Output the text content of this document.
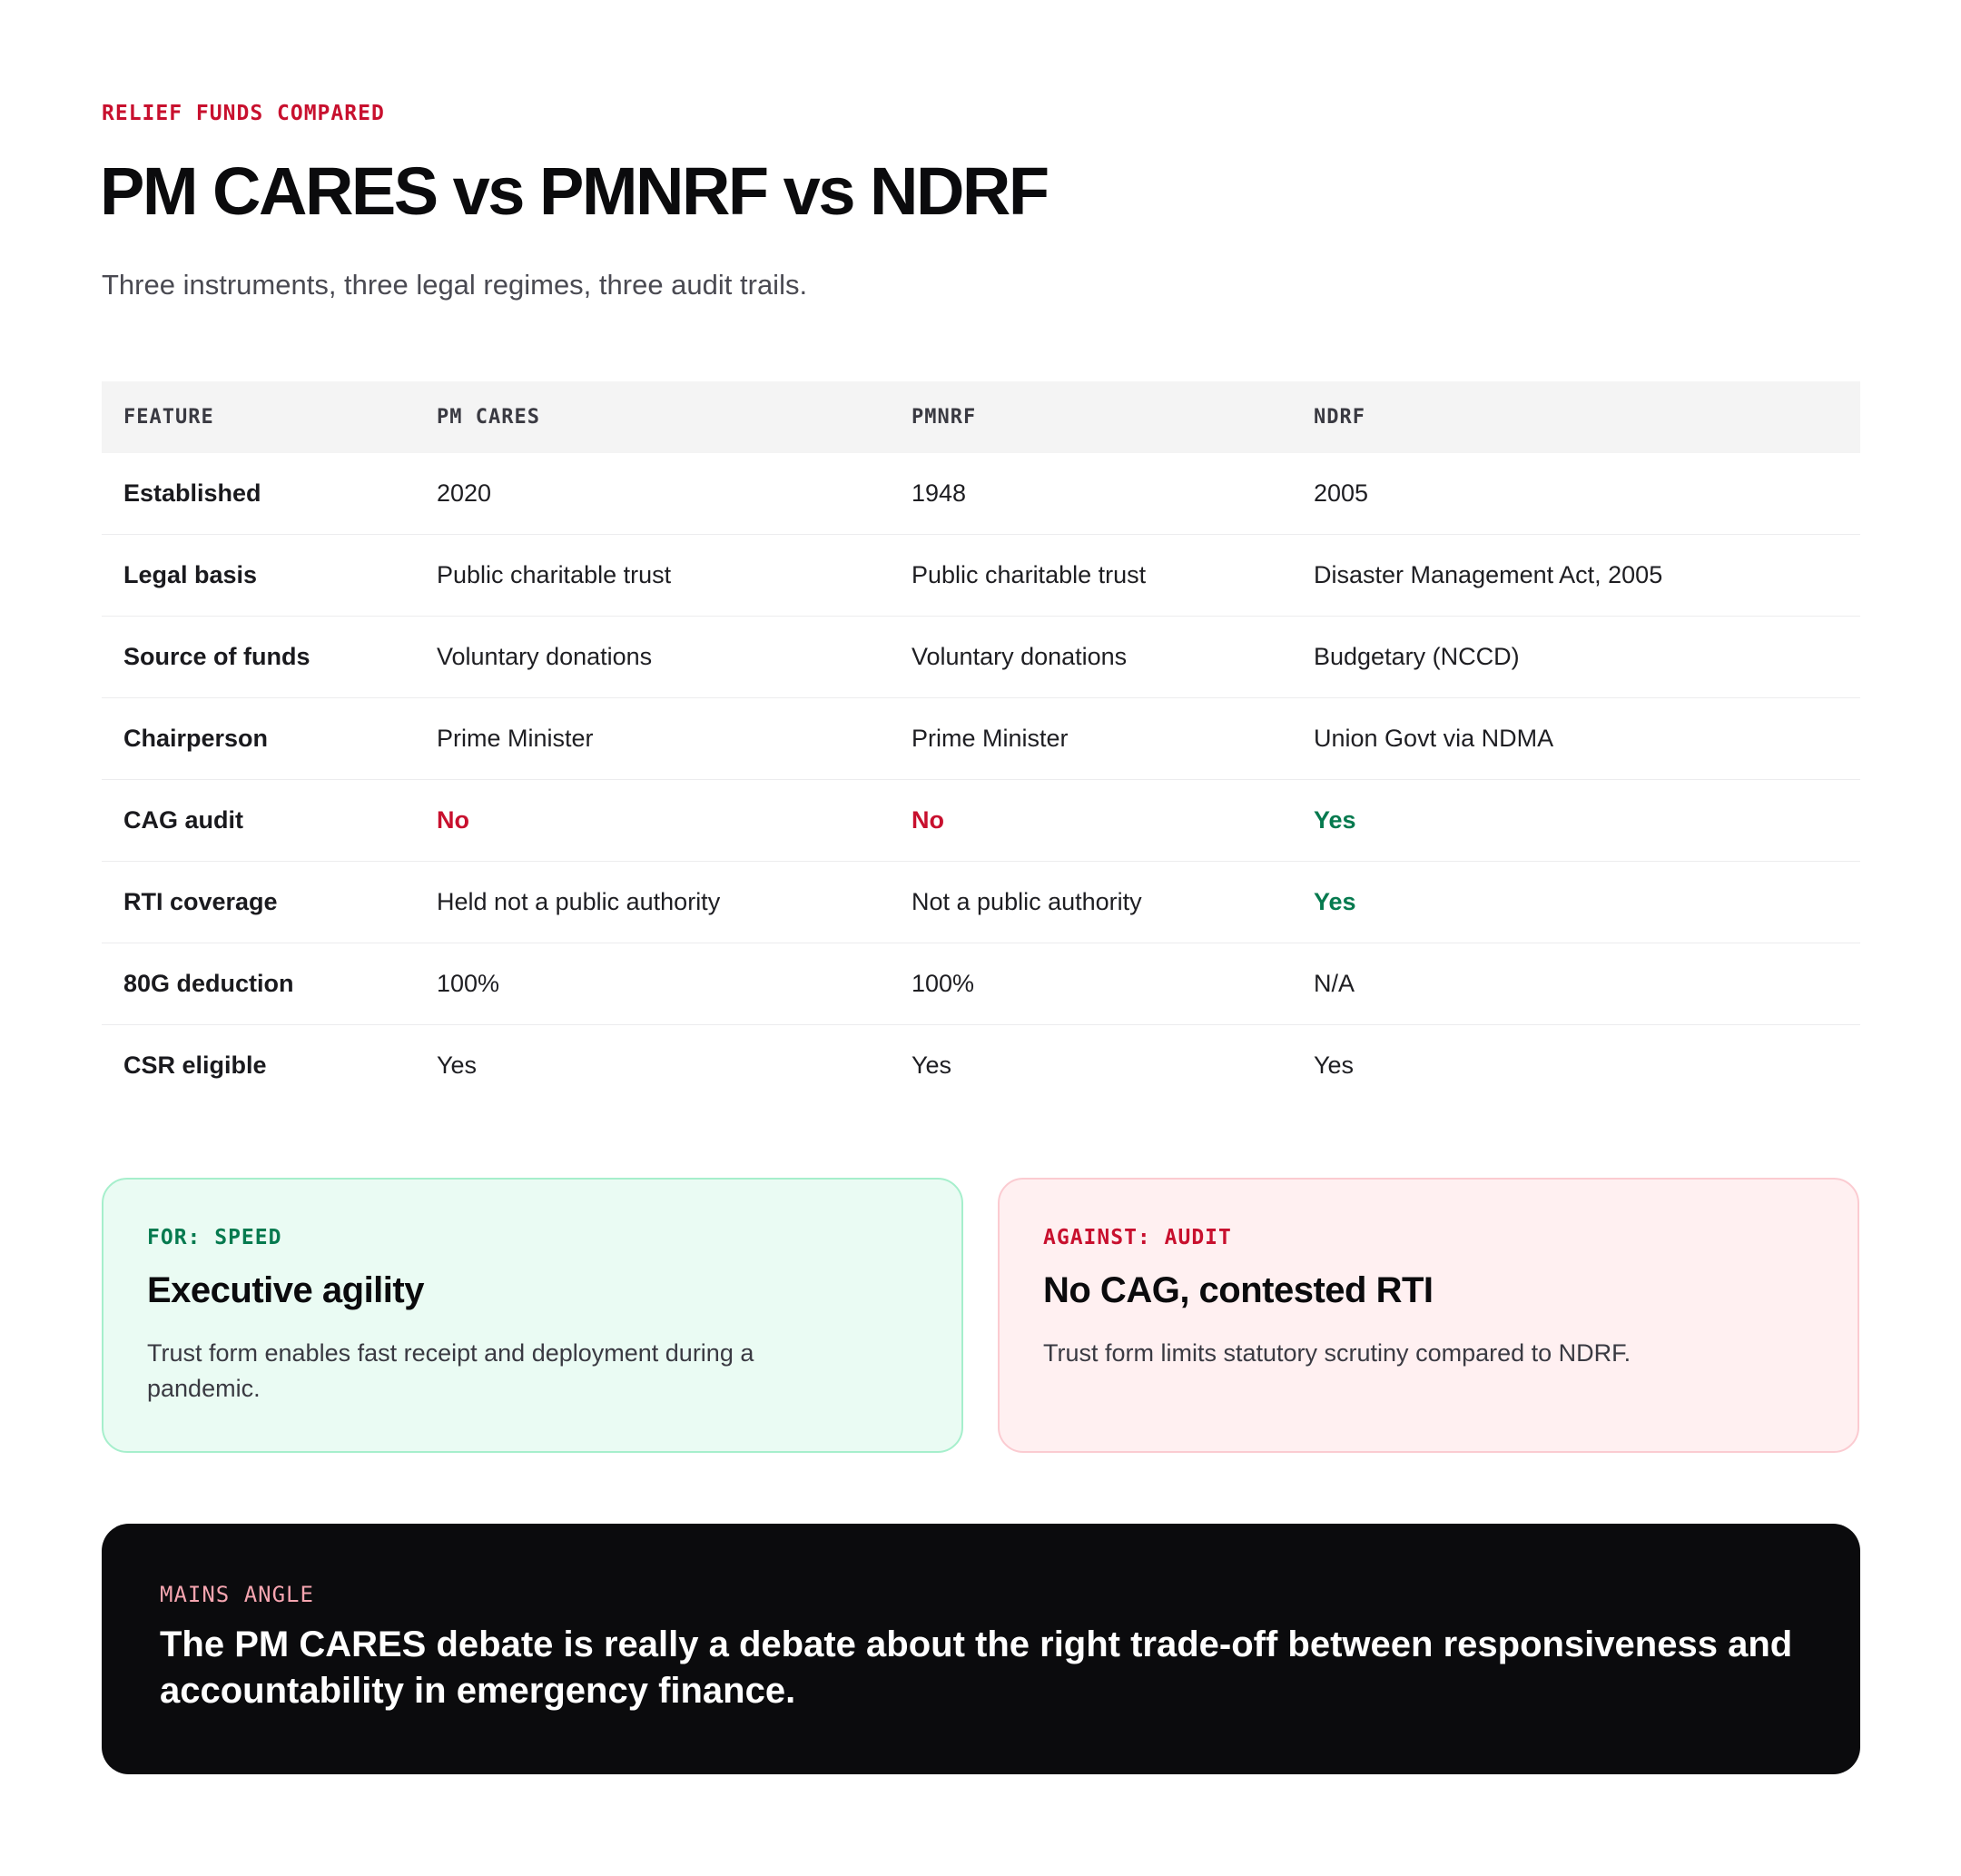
RELIEF FUNDS COMPARED
PM CARES vs PMNRF vs NDRF

Three instruments, three legal regimes, three audit trails.

FEATURE	PM CARES	PMNRF	NDRF
Established	2020	1948	2005
Legal basis	Public charitable trust	Public charitable trust	Disaster Management Act, 2005
Source of funds	Voluntary donations	Voluntary donations	Budgetary (NCCD)
Chairperson	Prime Minister	Prime Minister	Union Govt via NDMA
CAG audit	No	No	Yes
RTI coverage	Held not a public authority	Not a public authority	Yes
80G deduction	100%	100%	N/A
CSR eligible	Yes	Yes	Yes
FOR: SPEED
Executive agility

Trust form enables fast receipt and deployment during a pandemic.

AGAINST: AUDIT
No CAG, contested RTI

Trust form limits statutory scrutiny compared to NDRF.

MAINS ANGLE

The PM CARES debate is really a debate about the right trade-off between responsiveness and accountability in emergency finance.
